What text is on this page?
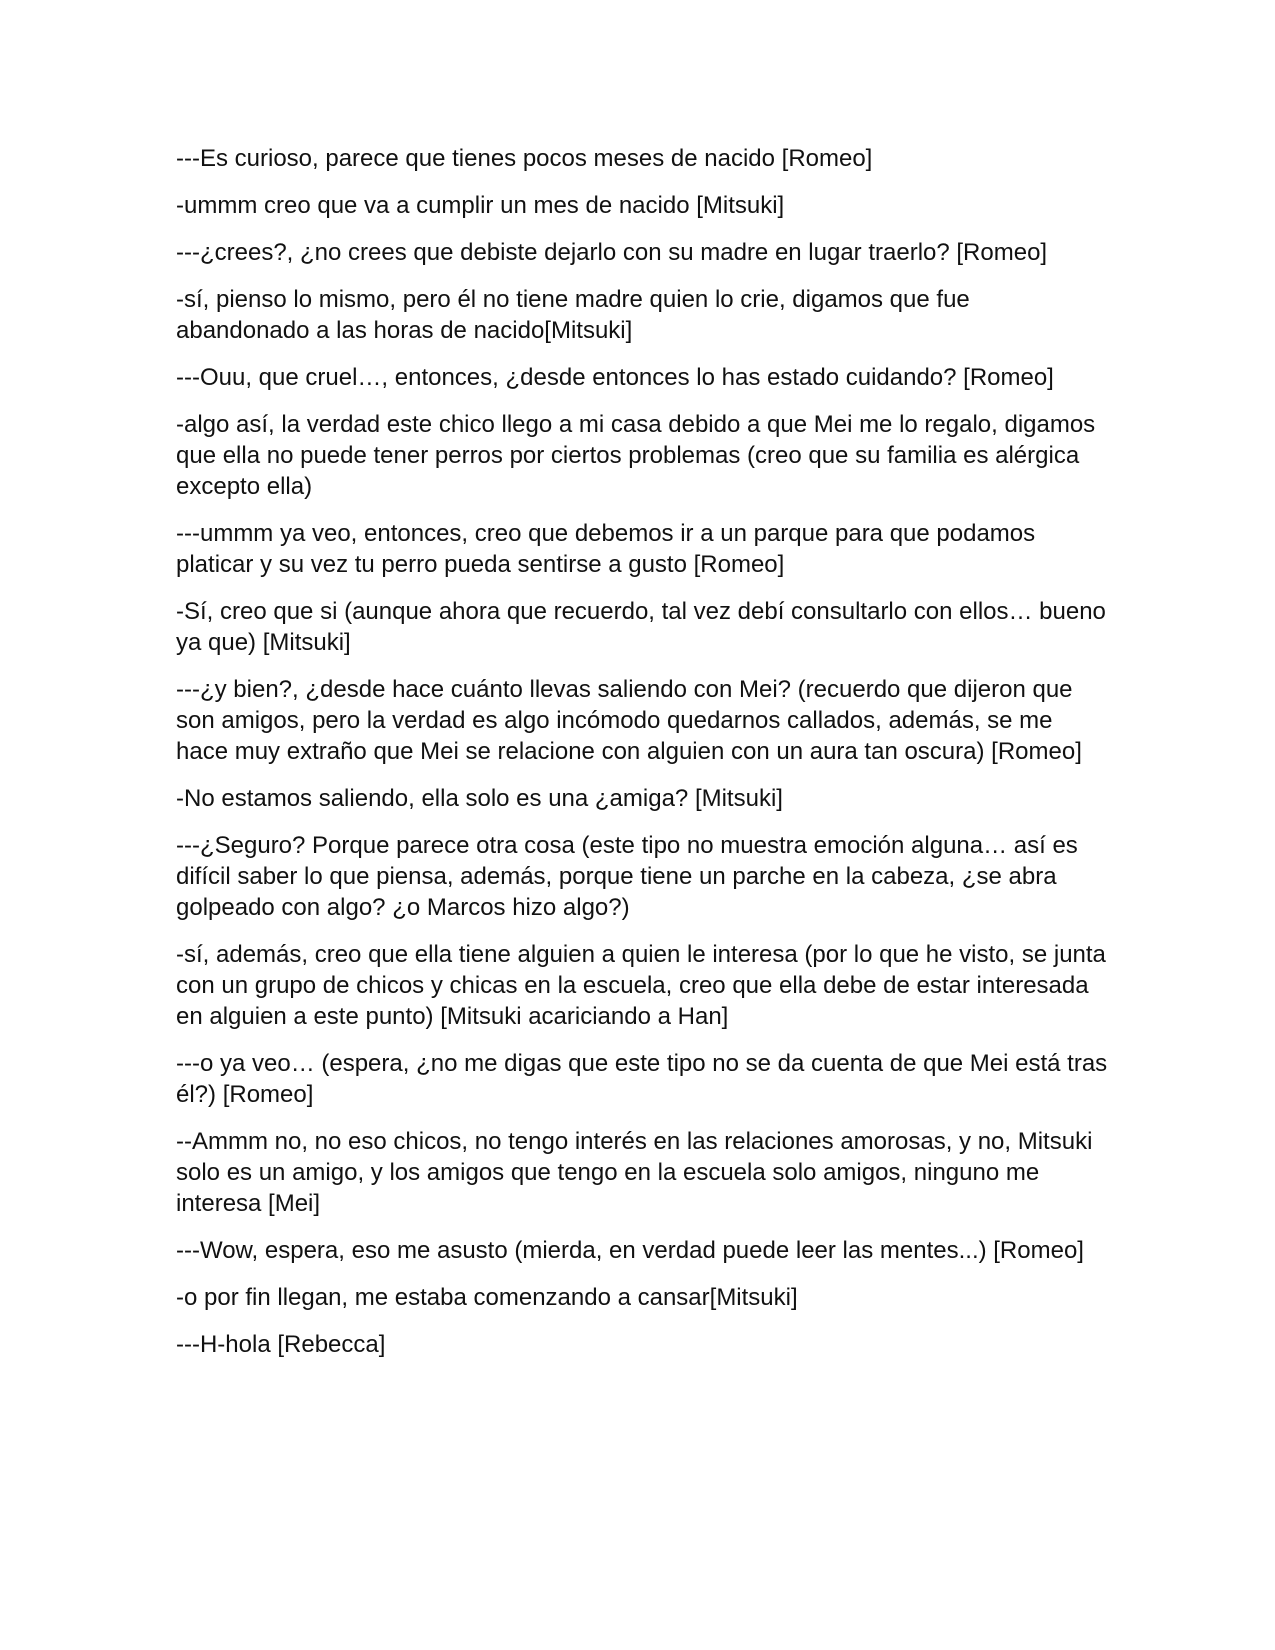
---Es curioso, parece que tienes pocos meses de nacido [Romeo]

-ummm creo que va a cumplir un mes de nacido [Mitsuki]

---¿crees?, ¿no crees que debiste dejarlo con su madre en lugar traerlo? [Romeo]

-sí, pienso lo mismo, pero él no tiene madre quien lo crie, digamos que fue abandonado a las horas de nacido[Mitsuki]

---Ouu, que cruel…, entonces, ¿desde entonces lo has estado cuidando? [Romeo]

-algo así, la verdad este chico llego a mi casa debido a que Mei me lo regalo, digamos que ella no puede tener perros por ciertos problemas (creo que su familia es alérgica excepto ella)

---ummm ya veo, entonces, creo que debemos ir a un parque para que podamos platicar y su vez tu perro pueda sentirse a gusto [Romeo]

-Sí, creo que si (aunque ahora que recuerdo, tal vez debí consultarlo con ellos… bueno ya que) [Mitsuki]

---¿y bien?, ¿desde hace cuánto llevas saliendo con Mei? (recuerdo que dijeron que son amigos, pero la verdad es algo incómodo quedarnos callados, además, se me hace muy extraño que Mei se relacione con alguien con un aura tan oscura) [Romeo]

-No estamos saliendo, ella solo es una ¿amiga? [Mitsuki]

---¿Seguro? Porque parece otra cosa (este tipo no muestra emoción alguna… así es difícil saber lo que piensa, además, porque tiene un parche en la cabeza, ¿se abra golpeado con algo? ¿o Marcos hizo algo?)

-sí, además, creo que ella tiene alguien a quien le interesa (por lo que he visto, se junta con un grupo de chicos y chicas en la escuela, creo que ella debe de estar interesada en alguien a este punto) [Mitsuki acariciando a Han]

---o ya veo… (espera, ¿no me digas que este tipo no se da cuenta de que Mei está tras él?) [Romeo]

--Ammm no, no eso chicos, no tengo interés en las relaciones amorosas, y no, Mitsuki solo es un amigo, y los amigos que tengo en la escuela solo amigos, ninguno me interesa [Mei]

---Wow, espera, eso me asusto (mierda, en verdad puede leer las mentes...) [Romeo]

-o por fin llegan, me estaba comenzando a cansar[Mitsuki]

---H-hola [Rebecca]
